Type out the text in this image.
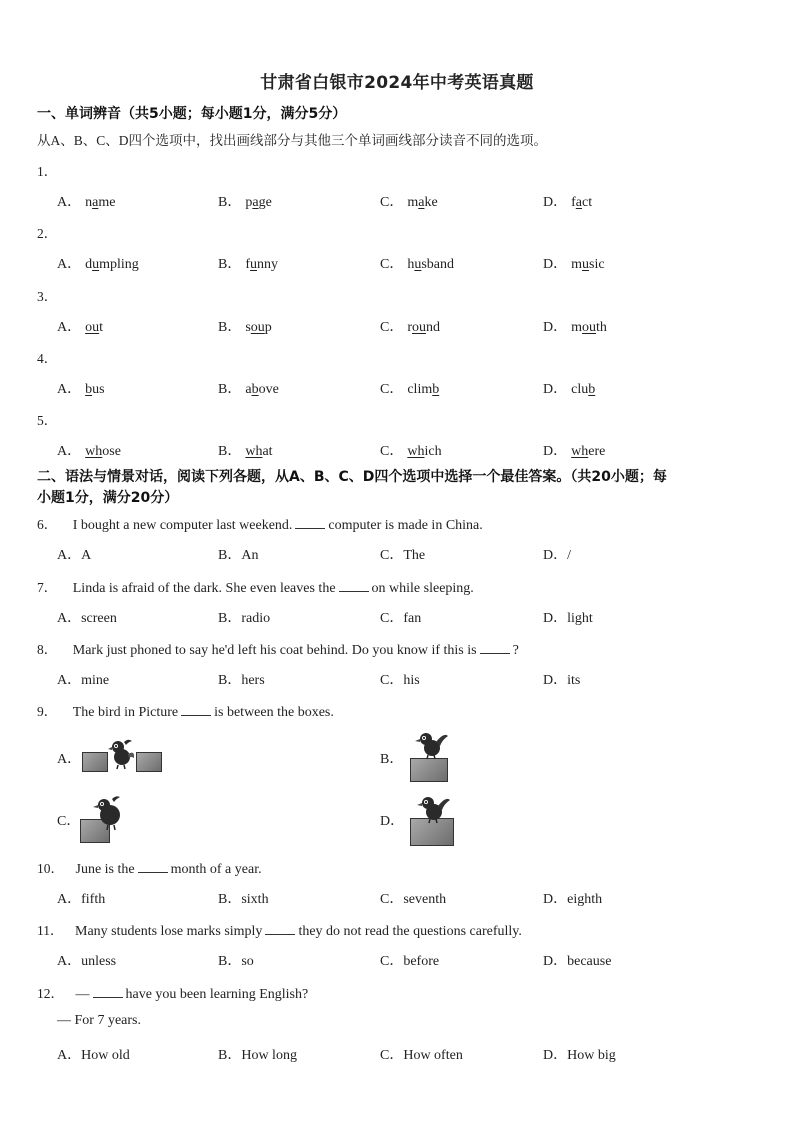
甘肃省白银市2024年中考英语真题
一、单词辨音（共5小题；每小题1分，满分5分）
从A、B、C、D四个选项中，找出画线部分与其他三个单词画线部分读音不同的选项。
1．
A． name	B． page	C． make	D． fact
2．
A． dumpling	B． funny	C． husband	D． music
3．
A． out	B． soup	C． round	D． mouth
4．
A． bus	B． above	C． climb	D． club
5．
A． whose	B． what	C． which	D． where
二、语法与情景对话，阅读下列各题，从A、B、C、D四个选项中选择一个最佳答案。（共20小题；每
小题1分，满分20分）
6． I bought a new computer last weekend.	computer is made in China.
A．A	B．An	C．The	D．/
7． Linda is afraid of the dark. She even leaves the	on while sleeping.
A．screen	B．radio	C．fan	D．light
8． Mark just phoned to say he'd left his coat behind. Do you know if this is	?
A．mine	B．hers	C．his	D．its
9． The bird in Picture	is between the boxes.
A．	B．
C．	D．
10． June is the	month of a year.
A．fifth	B．sixth	C．seventh	D．eighth
11． Many students lose marks simply	they do not read the questions carefully.
A．unless	B．so	C．before	D．because
12． —	have you been learning English?
— For 7 years.
A．How old	B．How long	C．How often	D．How big
